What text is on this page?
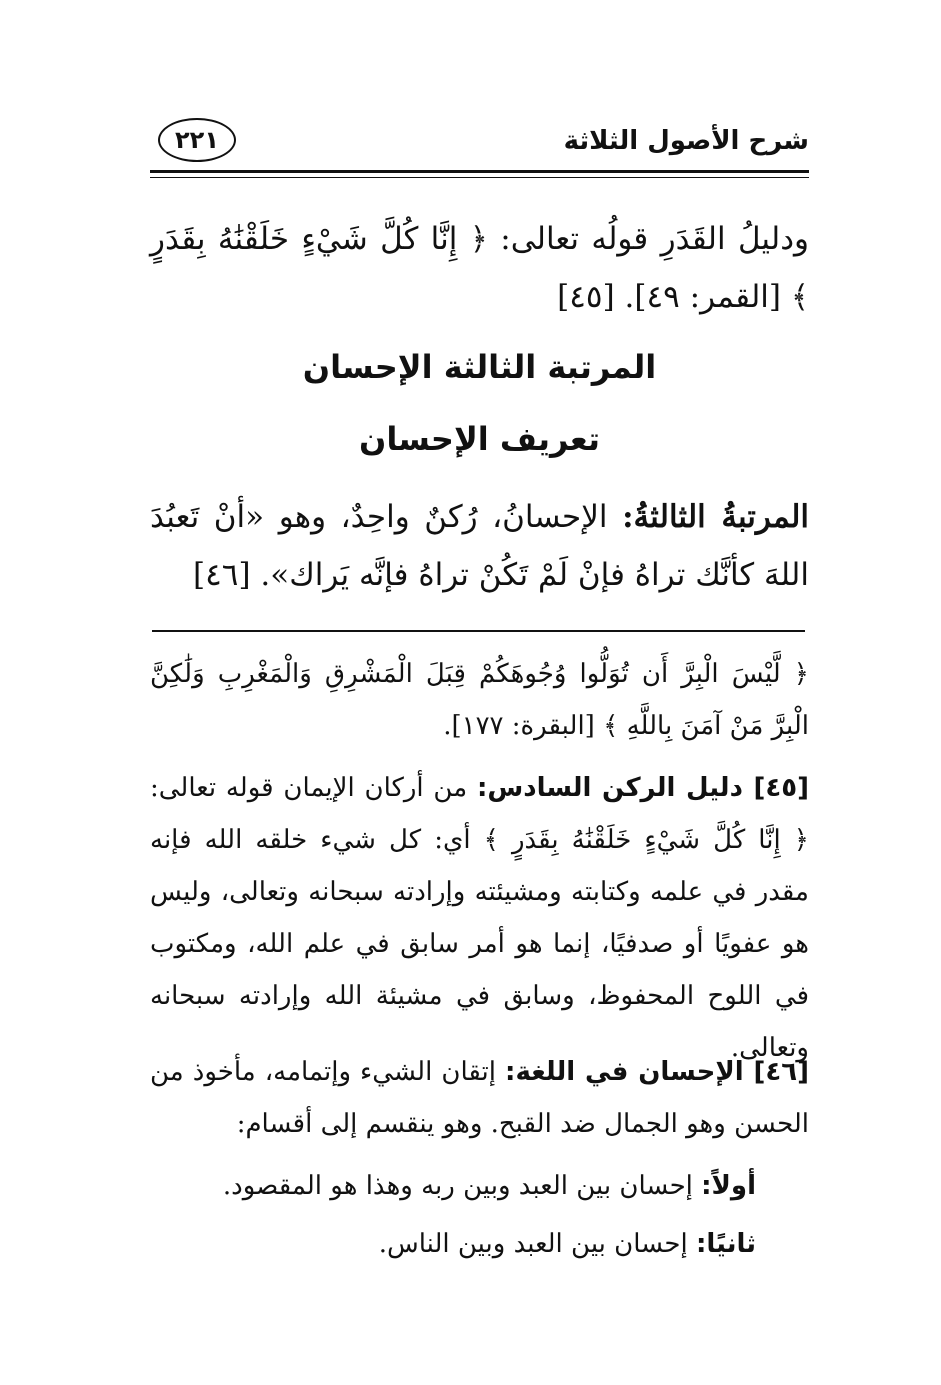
شرح الأصول الثلاثة
٢٢١
ودليلُ القَدَرِ قولُه تعالى: ﴿ إِنَّا كُلَّ شَيْءٍ خَلَقْنَٰهُ بِقَدَرٍ ﴾ [القمر: ٤٩]. [٤٥]
المرتبة الثالثة الإحسان
تعريف الإحسان
المرتبةُ الثالثةُ: الإحسانُ، رُكنٌ واحِدٌ، وهو «أنْ تَعبُدَ اللهَ كأنَّك تراهُ فإنْ لَمْ تَكُنْ تراهُ فإنَّه يَراك». [٤٦]

﴿ لَّيْسَ الْبِرَّ أَن تُوَلُّوا وُجُوهَكُمْ قِبَلَ الْمَشْرِقِ وَالْمَغْرِبِ وَلَٰكِنَّ الْبِرَّ مَنْ آمَنَ بِاللَّهِ ﴾ [البقرة: ١٧٧].

[٤٥] دليل الركن السادس: من أركان الإيمان قوله تعالى: ﴿ إِنَّا كُلَّ شَيْءٍ خَلَقْنَٰهُ بِقَدَرٍ ﴾ أي: كل شيء خلقه الله فإنه مقدر في علمه وكتابته ومشيئته وإرادته سبحانه وتعالى، وليس هو عفويًا أو صدفيًا، إنما هو أمر سابق في علم الله، ومكتوب في اللوح المحفوظ، وسابق في مشيئة الله وإرادته سبحانه وتعالى.

[٤٦] الإحسان في اللغة: إتقان الشيء وإتمامه، مأخوذ من الحسن وهو الجمال ضد القبح. وهو ينقسم إلى أقسام:

أولاً: إحسان بين العبد وبين ربه وهذا هو المقصود.

ثانيًا: إحسان بين العبد وبين الناس.
